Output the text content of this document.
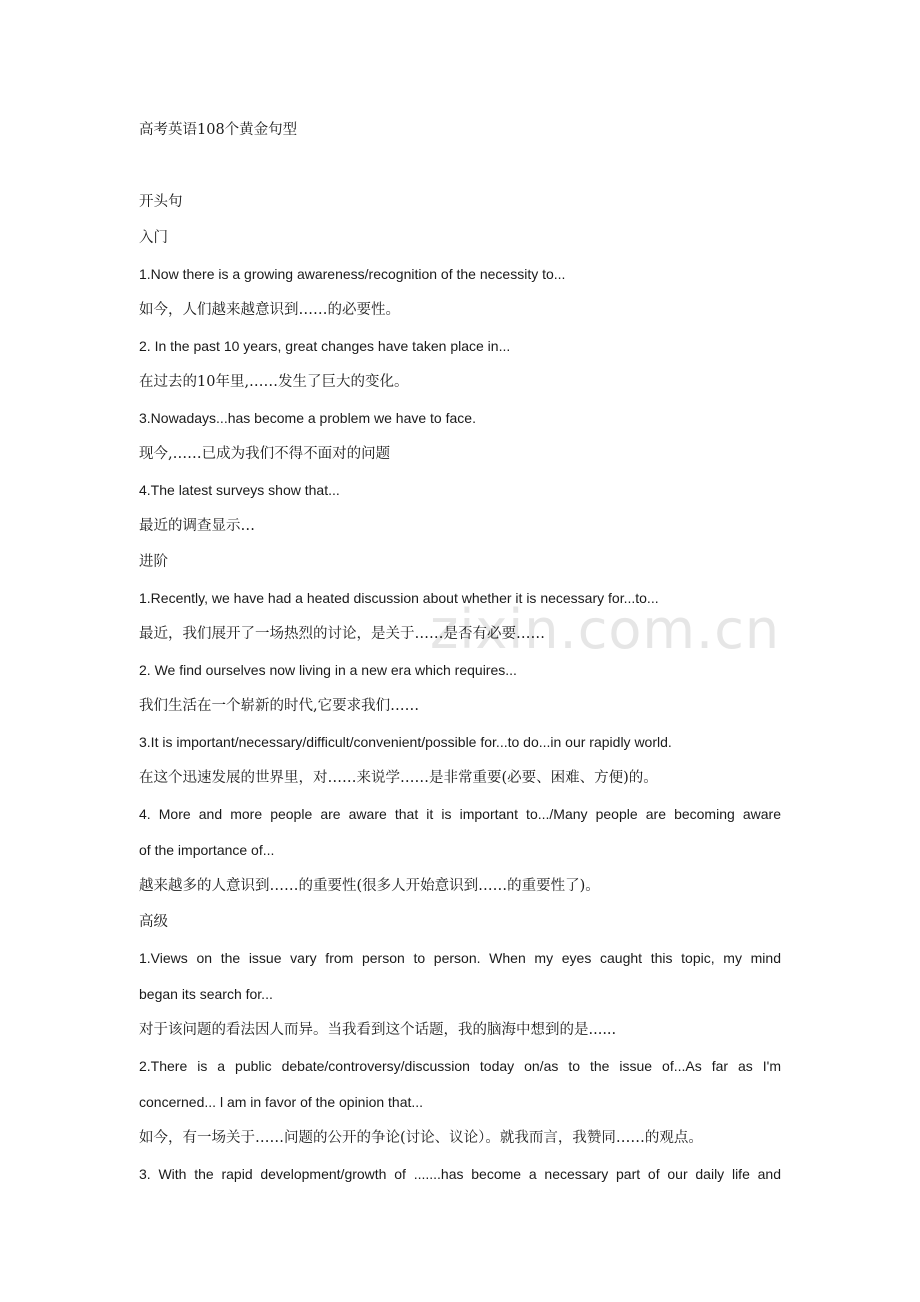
zixin.com.cn
高考英语108个黄金句型
开头句
入门
1.Now there is a growing awareness/recognition of the necessity to...
如今，人们越来越意识到……的必要性。
2. In the past 10 years, great changes have taken place in...
在过去的10年里,……发生了巨大的变化。
3.Nowadays...has become a problem we have to face.
现今,……已成为我们不得不面对的问题
4.The latest surveys show that...
最近的调查显示…
进阶
1.Recently, we have had a heated discussion about whether it is necessary for...to...
最近，我们展开了一场热烈的讨论，是关于……是否有必要……
2. We find ourselves now living in a new era which requires...
我们生活在一个崭新的时代,它要求我们……
3.It is important/necessary/difficult/convenient/possible for...to do...in our rapidly world.
在这个迅速发展的世界里，对……来说学……是非常重要(必要、困难、方便)的。
4. More and more people are aware that it is important to.../Many people are becoming aware
of the importance of...
越来越多的人意识到……的重要性(很多人开始意识到……的重要性了)。
高级
1.Views on the issue vary from person to person. When my eyes caught this topic, my mind
began its search for...
对于该问题的看法因人而异。当我看到这个话题，我的脑海中想到的是......
2.There is a public debate/controversy/discussion today on/as to the issue of...As far as I'm
concerned... l am in favor of the opinion that...
如今，有一场关于……问题的公开的争论(讨论、议论）。就我而言，我赞同……的观点。
3. With the rapid development/growth of .......has become a necessary part of our daily life and
